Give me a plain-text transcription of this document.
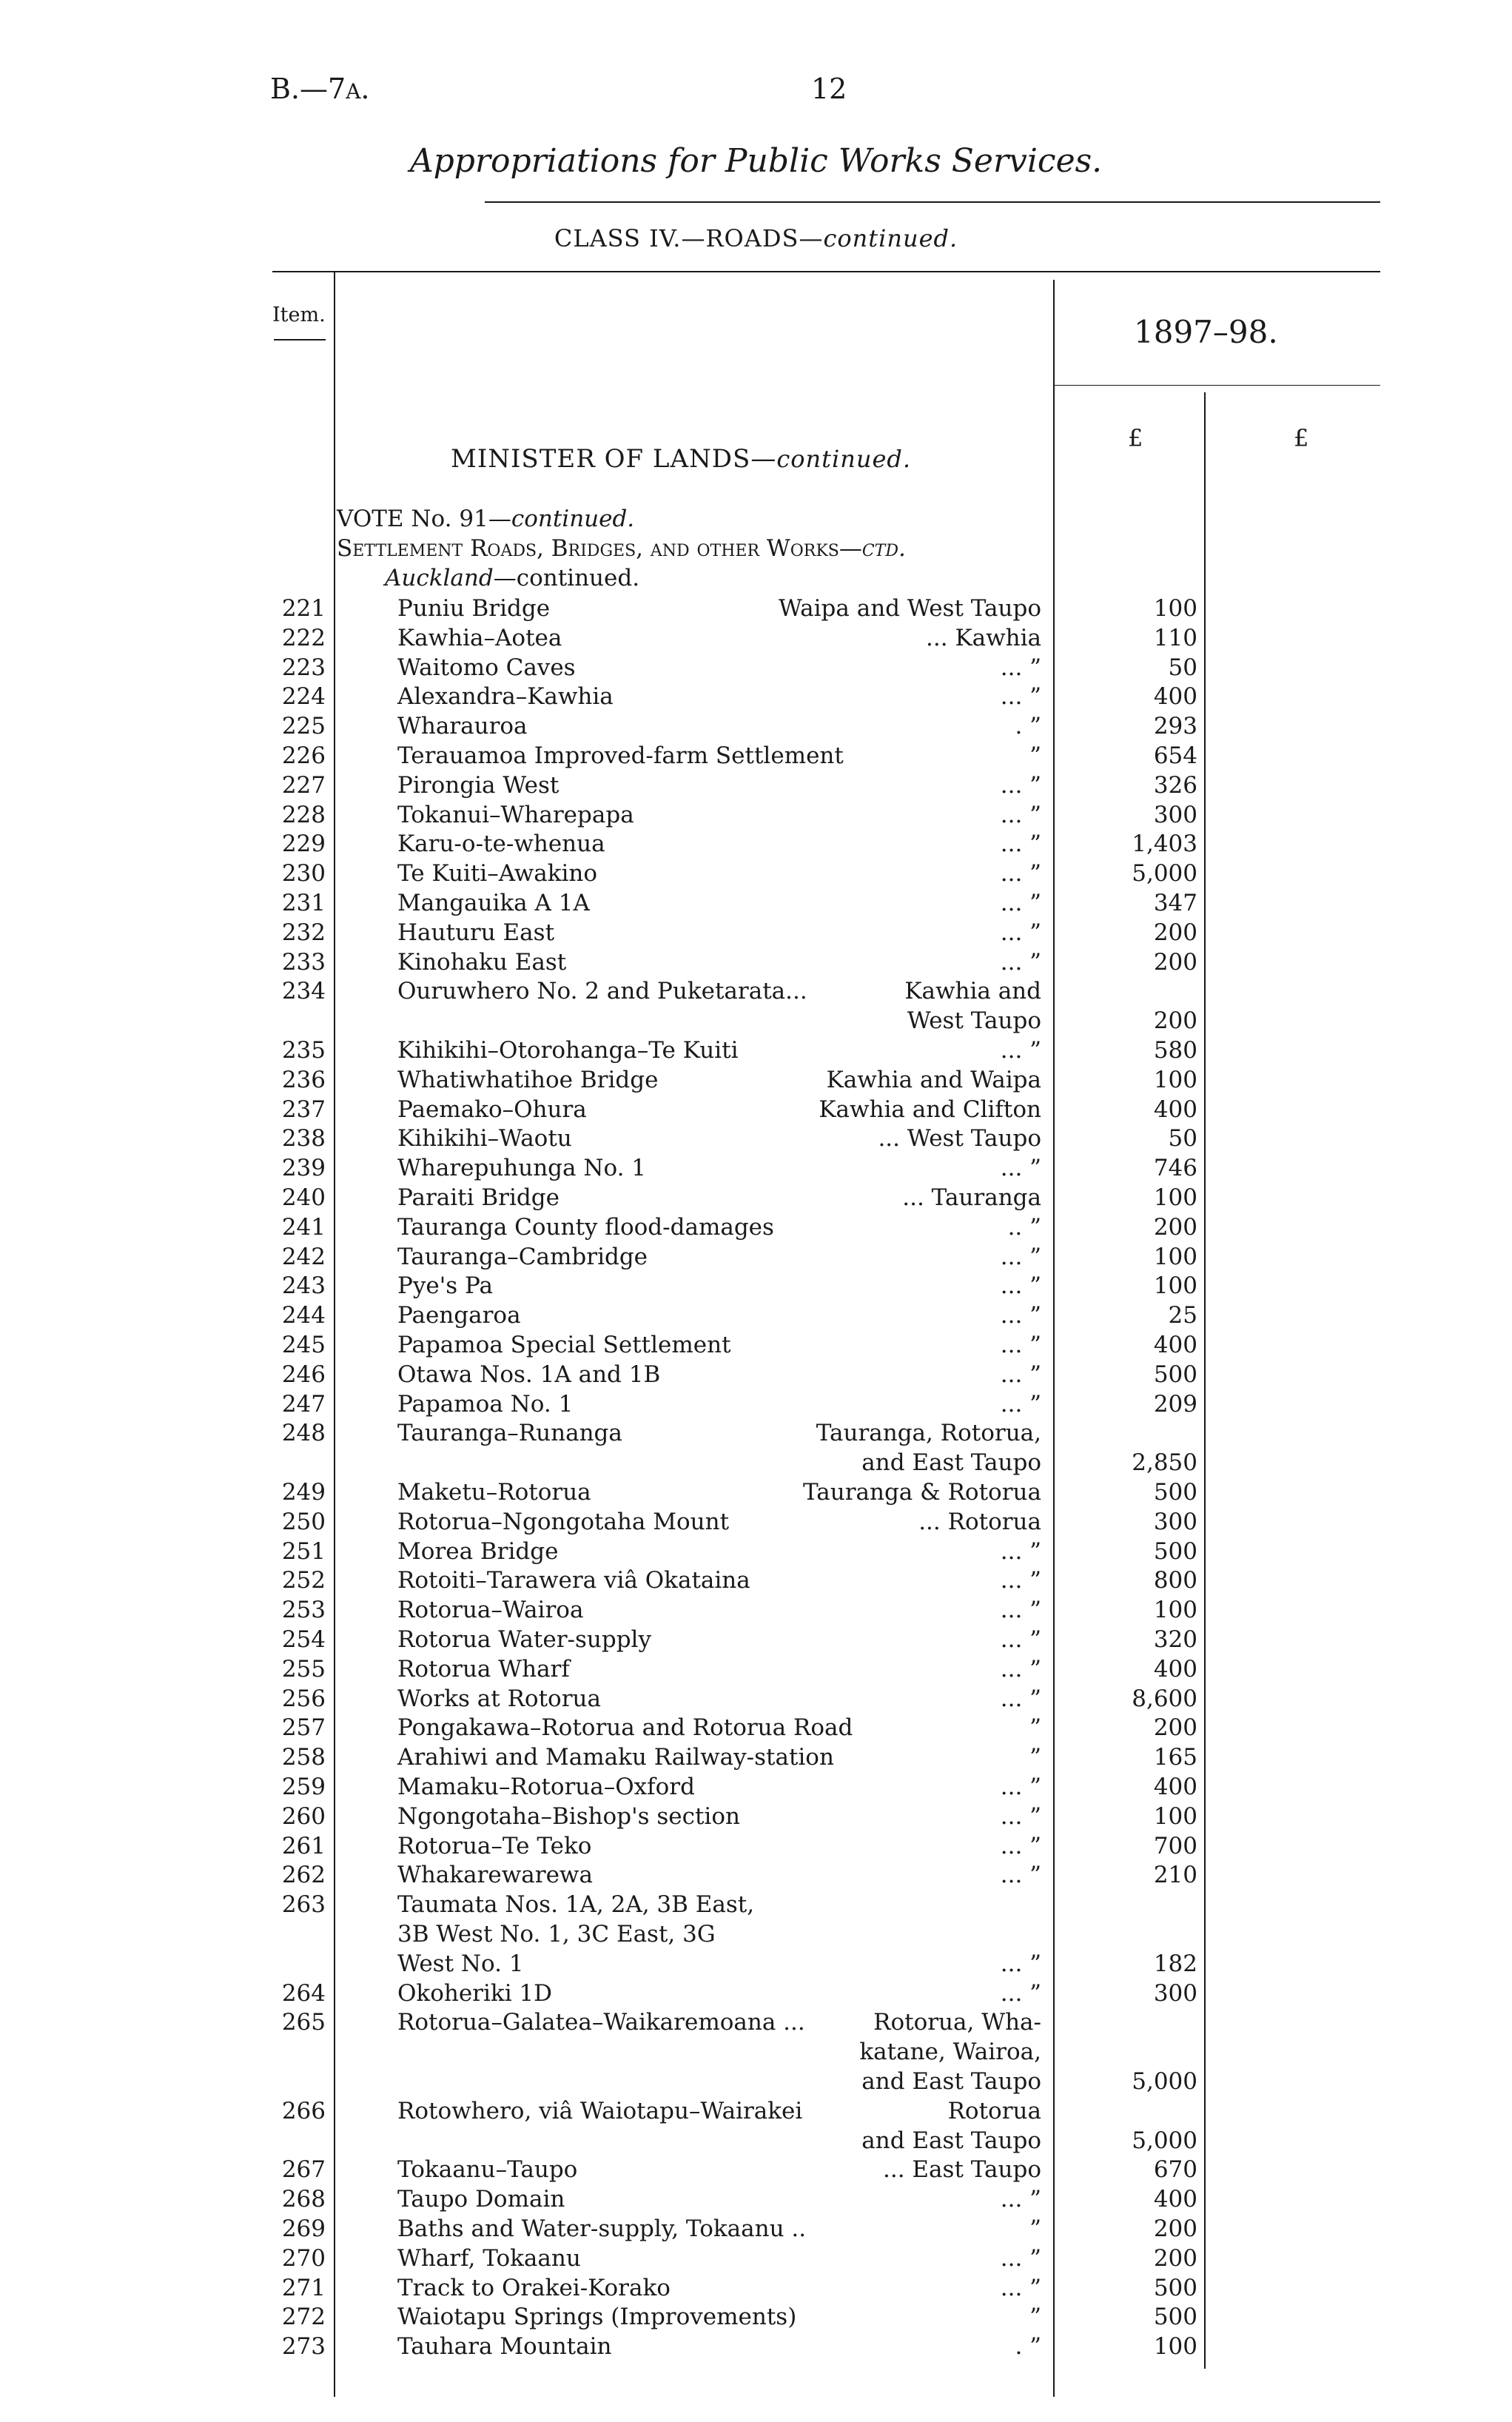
B.—7A.	12
Appropriations for Public Works Services.
CLASS IV.—ROADS—continued.
Item.	1897–98.
£	£
MINISTER OF LANDS—continued.
VOTE No. 91—continued.
Settlement Roads, Bridges, and other Works—ctd.
Auckland—continued.
221	Puniu Bridge	Waipa and West Taupo	100
222	Kawhia–Aotea	... Kawhia	110
223	Waitomo Caves	... ”	50
224	Alexandra–Kawhia	... ”	400
225	Wharauroa	. ”	293
226	Terauamoa Improved-farm Settlement	”	654
227	Pirongia West	... ”	326
228	Tokanui–Wharepapa	... ”	300
229	Karu-o-te-whenua	... ”	1,403
230	Te Kuiti–Awakino	... ”	5,000
231	Mangauika A 1A	... ”	347
232	Hauturu East	... ”	200
233	Kinohaku East	... ”	200
234	Ouruwhero No. 2 and Puketarata...	Kawhia and
West Taupo	200
235	Kihikihi–Otorohanga–Te Kuiti	... ”	580
236	Whatiwhatihoe Bridge	Kawhia and Waipa	100
237	Paemako–Ohura	Kawhia and Clifton	400
238	Kihikihi–Waotu	... West Taupo	50
239	Wharepuhunga No. 1	... ”	746
240	Paraiti Bridge	... Tauranga	100
241	Tauranga County flood-damages	.. ”	200
242	Tauranga–Cambridge	... ”	100
243	Pye's Pa	... ”	100
244	Paengaroa	... ”	25
245	Papamoa Special Settlement	... ”	400
246	Otawa Nos. 1A and 1B	... ”	500
247	Papamoa No. 1	... ”	209
248	Tauranga–Runanga	Tauranga, Rotorua,
and East Taupo	2,850
249	Maketu–Rotorua	Tauranga & Rotorua	500
250	Rotorua–Ngongotaha Mount	... Rotorua	300
251	Morea Bridge	... ”	500
252	Rotoiti–Tarawera viâ Okataina	... ”	800
253	Rotorua–Wairoa	... ”	100
254	Rotorua Water-supply	... ”	320
255	Rotorua Wharf	... ”	400
256	Works at Rotorua	... ”	8,600
257	Pongakawa–Rotorua and Rotorua Road	”	200
258	Arahiwi and Mamaku Railway-station	”	165
259	Mamaku–Rotorua–Oxford	... ”	400
260	Ngongotaha–Bishop's section	... ”	100
261	Rotorua–Te Teko	... ”	700
262	Whakarewarewa	... ”	210
263	Taumata Nos. 1A, 2A, 3B East,
3B West No. 1, 3C East, 3G
West No. 1	... ”	182
264	Okoheriki 1D	... ”	300
265	Rotorua–Galatea–Waikaremoana ...	Rotorua, Wha-
katane, Wairoa,
and East Taupo	5,000
266	Rotowhero, viâ Waiotapu–Wairakei	Rotorua
and East Taupo	5,000
267	Tokaanu–Taupo	... East Taupo	670
268	Taupo Domain	... ”	400
269	Baths and Water-supply, Tokaanu ..	”	200
270	Wharf, Tokaanu	... ”	200
271	Track to Orakei-Korako	... ”	500
272	Waiotapu Springs (Improvements)	”	500
273	Tauhara Mountain	. ”	100
